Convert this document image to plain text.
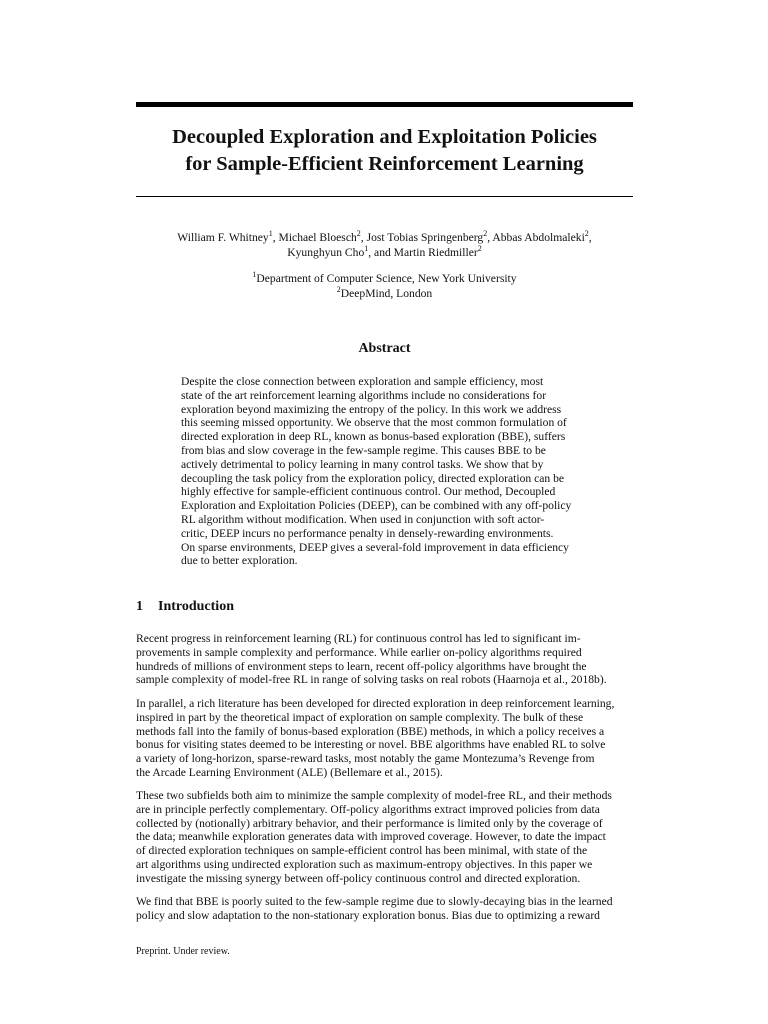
Decoupled Exploration and Exploitation Policies
for Sample-Efficient Reinforcement Learning
William F. Whitney$^1$, Michael Bloesch$^2$, Jost Tobias Springenberg$^2$, Abbas Abdolmaleki$^2$,
Kyunghyun Cho$^1$, and Martin Riedmiller$^2$
$^1$Department of Computer Science, New York University
$^2$DeepMind, London
Abstract
Despite the close connection between exploration and sample efficiency, most
state of the art reinforcement learning algorithms include no considerations for
exploration beyond maximizing the entropy of the policy. In this work we address
this seeming missed opportunity. We observe that the most common formulation of
directed exploration in deep RL, known as bonus-based exploration (BBE), suffers
from bias and slow coverage in the few-sample regime. This causes BBE to be
actively detrimental to policy learning in many control tasks. We show that by
decoupling the task policy from the exploration policy, directed exploration can be
highly effective for sample-efficient continuous control. Our method, Decoupled
Exploration and Exploitation Policies (DEEP), can be combined with any off-policy
RL algorithm without modification. When used in conjunction with soft actor-
critic, DEEP incurs no performance penalty in densely-rewarding environments.
On sparse environments, DEEP gives a several-fold improvement in data efficiency
due to better exploration.
1 Introduction
Recent progress in reinforcement learning (RL) for continuous control has led to significant im-
provements in sample complexity and performance. While earlier on-policy algorithms required
hundreds of millions of environment steps to learn, recent off-policy algorithms have brought the
sample complexity of model-free RL in range of solving tasks on real robots (Haarnoja et al., 2018b).
In parallel, a rich literature has been developed for directed exploration in deep reinforcement learning,
inspired in part by the theoretical impact of exploration on sample complexity. The bulk of these
methods fall into the family of bonus-based exploration (BBE) methods, in which a policy receives a
bonus for visiting states deemed to be interesting or novel. BBE algorithms have enabled RL to solve
a variety of long-horizon, sparse-reward tasks, most notably the game Montezuma’s Revenge from
the Arcade Learning Environment (ALE) (Bellemare et al., 2015).
These two subfields both aim to minimize the sample complexity of model-free RL, and their methods
are in principle perfectly complementary. Off-policy algorithms extract improved policies from data
collected by (notionally) arbitrary behavior, and their performance is limited only by the coverage of
the data; meanwhile exploration generates data with improved coverage. However, to date the impact
of directed exploration techniques on sample-efficient control has been minimal, with state of the
art algorithms using undirected exploration such as maximum-entropy objectives. In this paper we
investigate the missing synergy between off-policy continuous control and directed exploration.
We find that BBE is poorly suited to the few-sample regime due to slowly-decaying bias in the learned
policy and slow adaptation to the non-stationary exploration bonus. Bias due to optimizing a reward
Preprint. Under review.
